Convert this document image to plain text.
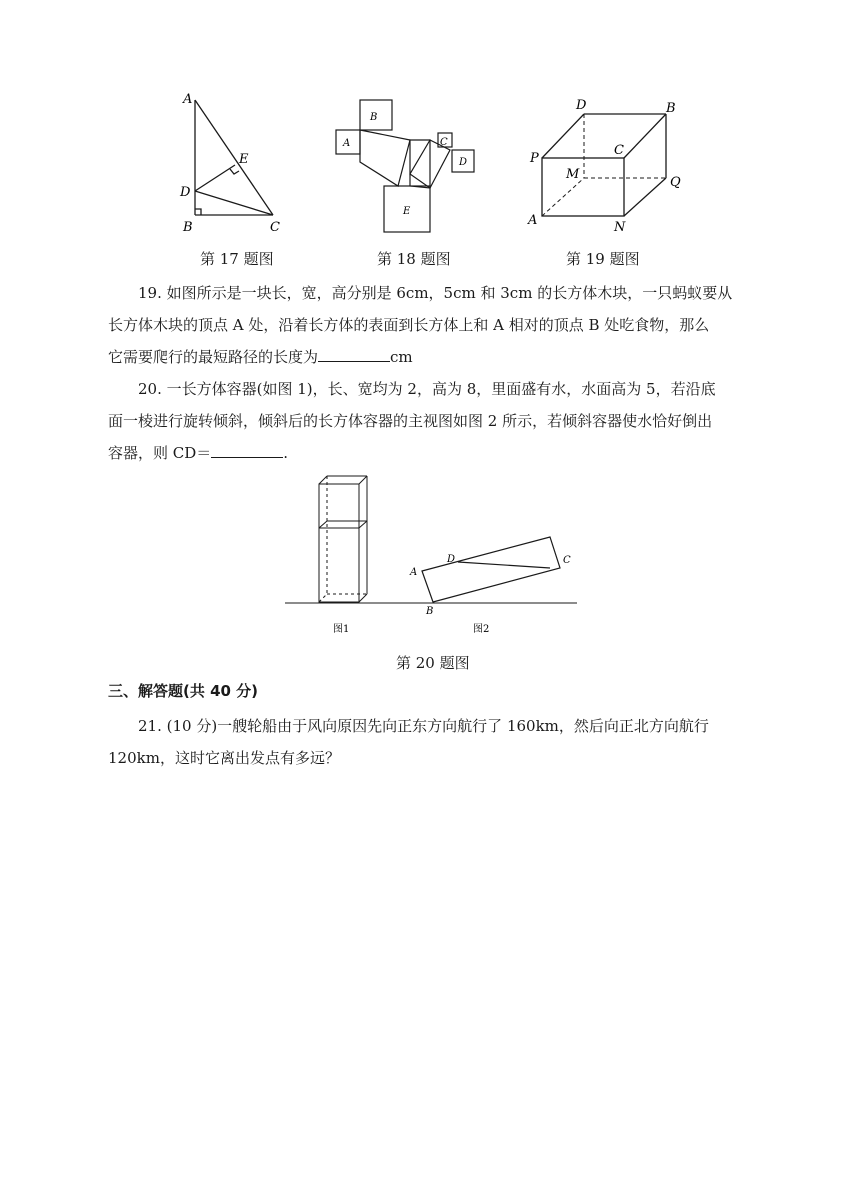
A
E
D
B	C
第 17 题图
B
A	C
D
E
第 18 题图
D	B
P
C
M
Q
A	N
第 19 题图
19. 如图所示是一块长，宽，高分别是 6cm，5cm 和 3cm 的长方体木块，一只蚂蚁要从
长方体木块的顶点 A 处，沿着长方体的表面到长方体上和 A 相对的顶点 B 处吃食物，那么
它需要爬行的最短路径的长度为	cm
20. 一长方体容器(如图 1)，长、宽均为 2，高为 8，里面盛有水，水面高为 5，若沿底
面一棱进行旋转倾斜，倾斜后的长方体容器的主视图如图 2 所示，若倾斜容器使水恰好倒出
容器，则 CD＝	.
A
D	C
B
图1	图2
第 20 题图
三、解答题(共 40 分)
21. (10 分)一艘轮船由于风向原因先向正东方向航行了 160km，然后向正北方向航行
120km，这时它离出发点有多远？
